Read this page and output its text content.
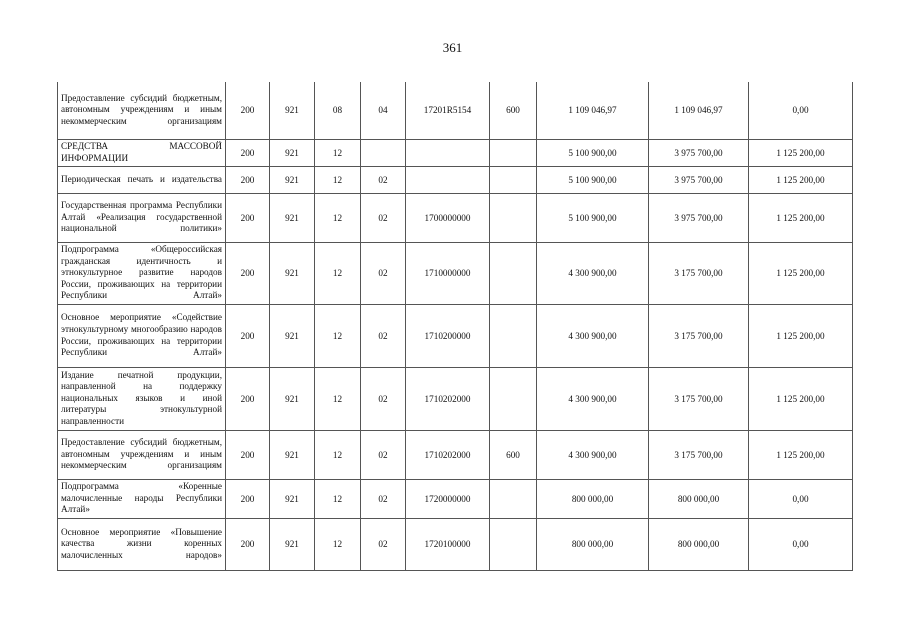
361
Предоставление субсидий бюджетным, автономным учреждениям и иным некоммерческим организациям	200	921	08	04	17201R5154	600	1 109 046,97	1 109 046,97	0,00
СРЕДСТВА МАССОВОЙ ИНФОРМАЦИИ	200	921	12				5 100 900,00	3 975 700,00	1 125 200,00
Периодическая печать и издательства	200	921	12	02			5 100 900,00	3 975 700,00	1 125 200,00
Государственная программа Республики Алтай «Реализация государственной национальной политики»	200	921	12	02	1700000000		5 100 900,00	3 975 700,00	1 125 200,00
Подпрограмма «Общероссийская гражданская идентичность и этнокультурное развитие народов России, проживающих на территории Республики Алтай»	200	921	12	02	1710000000		4 300 900,00	3 175 700,00	1 125 200,00
Основное мероприятие «Содействие этнокультурному многообразию народов России, проживающих на территории Республики Алтай»	200	921	12	02	1710200000		4 300 900,00	3 175 700,00	1 125 200,00
Издание печатной продукции, направленной на поддержку национальных языков и иной литературы этнокультурной направленности	200	921	12	02	1710202000		4 300 900,00	3 175 700,00	1 125 200,00
Предоставление субсидий бюджетным, автономным учреждениям и иным некоммерческим организациям	200	921	12	02	1710202000	600	4 300 900,00	3 175 700,00	1 125 200,00
Подпрограмма «Коренные малочисленные народы Республики Алтай»	200	921	12	02	1720000000		800 000,00	800 000,00	0,00
Основное мероприятие «Повышение качества жизни коренных малочисленных народов»	200	921	12	02	1720100000		800 000,00	800 000,00	0,00
